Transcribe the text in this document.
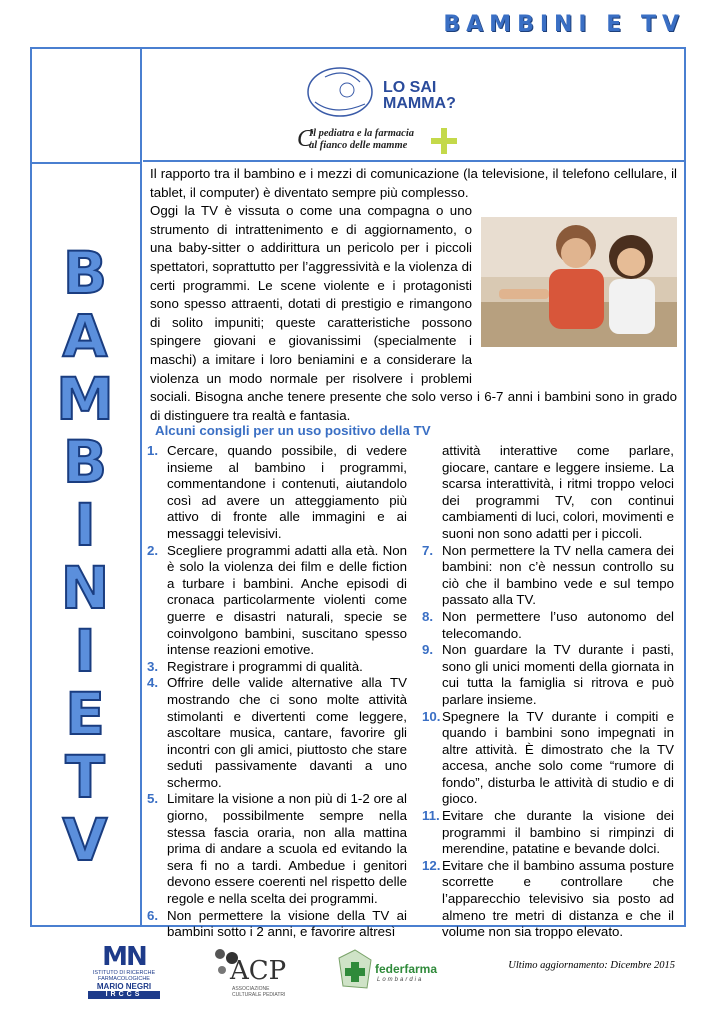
BAMBINI E TV
B
A
M
B
I
N
I
E
T
V
C
LO SAI
MAMMA?
Il pediatra e la farmacia
al fianco delle mamme

Il rapporto tra il bambino e i mezzi di comunicazione (la televisione, il telefono cellulare, il tablet, il computer) è diventato sempre più complesso.

Oggi la TV è vissuta o come una compagna o uno strumento di intrattenimento e di aggiornamento, o una baby-sitter o addirittura un pericolo per i piccoli spettatori, soprattutto per l’aggressività e la violenza di certi programmi. Le scene violente e i protagonisti sono spesso attraenti, dotati di prestigio e rimangono di solito impuniti; queste caratteristiche possono spingere giovani e giovanissimi (specialmente i maschi) a imitare i loro beniamini e a considerare la violenza un modo normale per risolvere i problemi sociali. Bisogna anche tenere presente che solo verso i 6-7 anni i bambini sono in grado di distinguere tra realtà e fantasia.

Alcuni consigli per un uso positivo della TV
1. Cercare, quando possibile, di vedere insieme al bambino i programmi, commentandone i contenuti, aiutandolo così ad avere un atteggiamento più attivo di fronte alle immagini e ai messaggi televisivi.
2. Scegliere programmi adatti alla età. Non è solo la violenza dei film e delle fiction a turbare i bambini. Anche episodi di cronaca particolarmente violenti come guerre e disastri naturali, specie se coinvolgono bambini, suscitano spesso intense reazioni emotive.
3. Registrare i programmi di qualità.
4. Offrire delle valide alternative alla TV mostrando che ci sono molte attività stimolanti e divertenti come leggere, ascoltare musica, cantare, favorire gli incontri con gli amici, piuttosto che stare seduti passivamente davanti a uno schermo.
5. Limitare la visione a non più di 1-2 ore al giorno, possibilmente sempre nella stessa fascia oraria, non alla mattina prima di andare a scuola ed evitando la sera fi no a tardi. Ambedue i genitori devono essere coerenti nel rispetto delle regole e nella scelta dei programmi.
6. Non permettere la visione della TV ai bambini sotto i 2 anni, e favorire altresì
attività interattive come parlare, giocare, cantare e leggere insieme. La scarsa interattività, i ritmi troppo veloci dei programmi TV, con continui cambiamenti di luci, colori, movimenti e suoni non sono adatti per i piccoli.
7. Non permettere la TV nella camera dei bambini: non c’è nessun controllo su ciò che il bambino vede e sul tempo passato alla TV.
8. Non permettere l’uso autonomo del telecomando.
9. Non guardare la TV durante i pasti, sono gli unici momenti della giornata in cui tutta la famiglia si ritrova e può parlare insieme.
10. Spegnere la TV durante i compiti e quando i bambini sono impegnati in altre attività. È dimostrato che la TV accesa, anche solo come “rumore di fondo”, disturba le attività di studio e di gioco.
11. Evitare che durante la visione dei programmi il bambino si rimpinzi di merendine, patatine e bevande dolci.
12. Evitare che il bambino assuma posture scorrette e controllare che l’apparecchio televisivo sia posto ad almeno tre metri di distanza e che il volume non sia troppo elevato.
MN
ISTITUTO DI RICERCHE
FARMACOLOGICHE
MARIO NEGRI
IRCCS
ACP
ASSOCIAZIONE
CULTURALE PEDIATRI
federfarma
Lombardia
Ultimo aggiornamento: Dicembre 2015
